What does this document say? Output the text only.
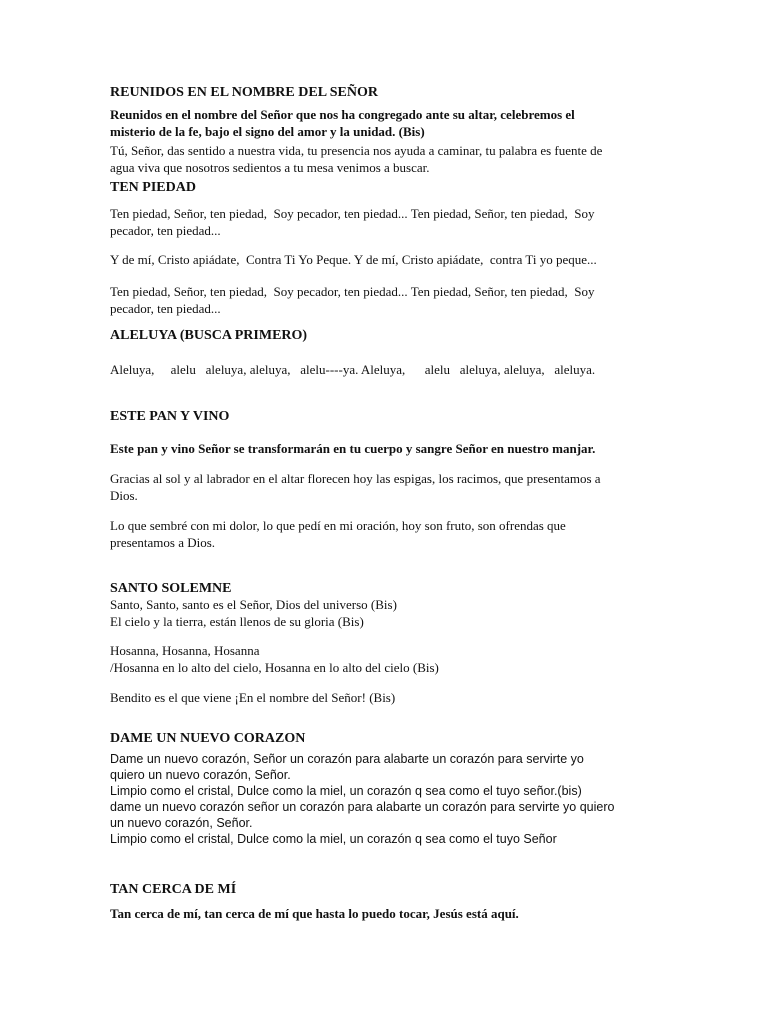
REUNIDOS EN EL NOMBRE DEL SEÑOR
Reunidos en el nombre del Señor que nos ha congregado ante su altar, celebremos el
misterio de la fe, bajo el signo del amor y la unidad. (Bis)
Tú, Señor, das sentido a nuestra vida, tu presencia nos ayuda a caminar, tu palabra es fuente de
agua viva que nosotros sedientos a tu mesa venimos a buscar.
TEN PIEDAD
Ten piedad, Señor, ten piedad,  Soy pecador, ten piedad... Ten piedad, Señor, ten piedad,  Soy
pecador, ten piedad...
Y de mí, Cristo apiádate,  Contra Ti Yo Peque. Y de mí, Cristo apiádate,  contra Ti yo peque...
Ten piedad, Señor, ten piedad,  Soy pecador, ten piedad... Ten piedad, Señor, ten piedad,  Soy
pecador, ten piedad...
ALELUYA (BUSCA PRIMERO)
Aleluya,     alelu   aleluya, aleluya,   alelu----ya. Aleluya,      alelu   aleluya, aleluya,   aleluya.
ESTE PAN Y VINO
Este pan y vino Señor se transformarán en tu cuerpo y sangre Señor en nuestro manjar.
Gracias al sol y al labrador en el altar florecen hoy las espigas, los racimos, que presentamos a
Dios.
Lo que sembré con mi dolor, lo que pedí en mi oración, hoy son fruto, son ofrendas que
presentamos a Dios.
SANTO SOLEMNE
Santo, Santo, santo es el Señor, Dios del universo (Bis)
El cielo y la tierra, están llenos de su gloria (Bis)
Hosanna, Hosanna, Hosanna
/Hosanna en lo alto del cielo, Hosanna en lo alto del cielo (Bis)
Bendito es el que viene ¡En el nombre del Señor! (Bis)
DAME UN NUEVO CORAZON
Dame un nuevo corazón, Señor un corazón para alabarte un corazón para servirte yo
quiero un nuevo corazón, Señor.
Limpio como el cristal, Dulce como la miel, un corazón q sea como el tuyo señor.(bis)
dame un nuevo corazón señor un corazón para alabarte un corazón para servirte yo quiero
un nuevo corazón, Señor.
Limpio como el cristal, Dulce como la miel, un corazón q sea como el tuyo Señor
TAN CERCA DE MÍ
Tan cerca de mí, tan cerca de mí que hasta lo puedo tocar, Jesús está aquí.
